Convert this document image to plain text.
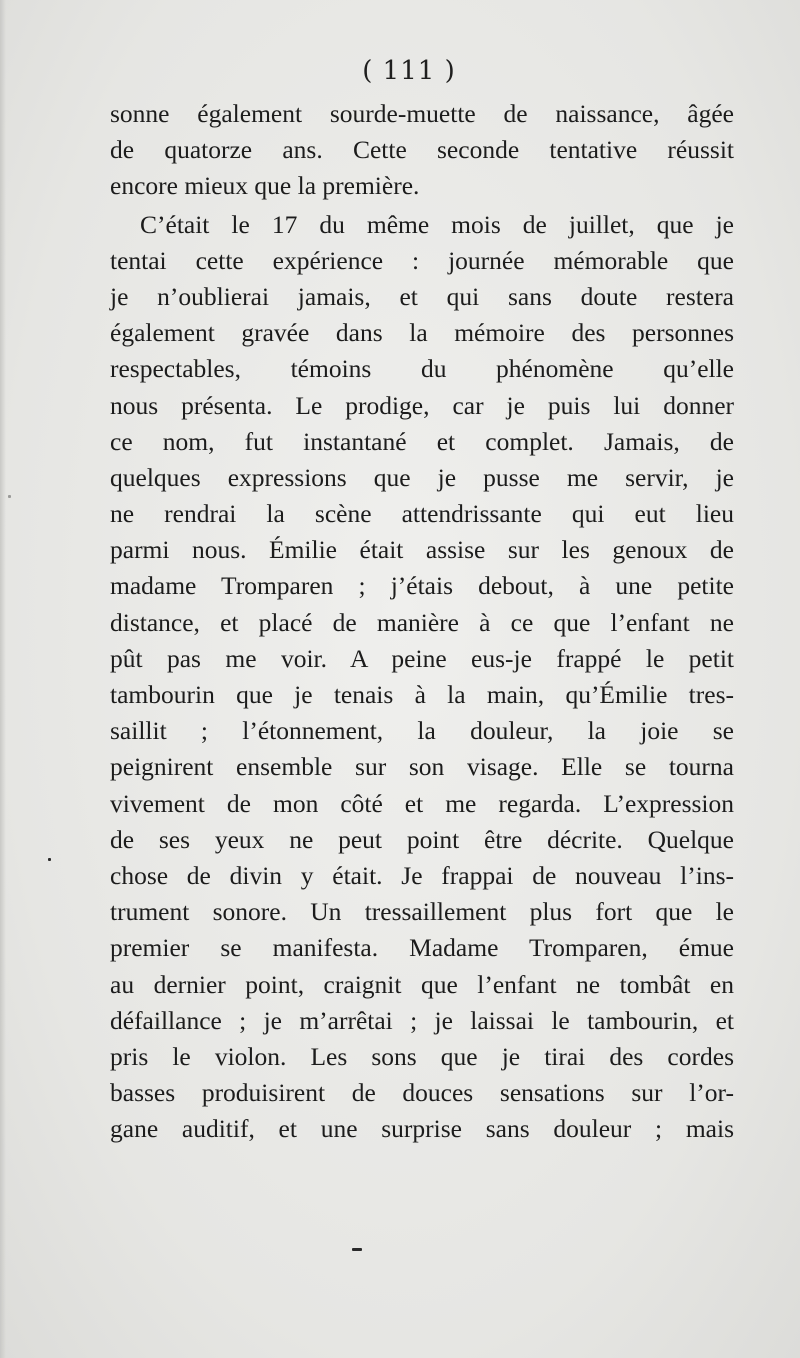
( 111 )
sonne également sourde-muette de naissance, âgée
de quatorze ans. Cette seconde tentative réussit
encore mieux que la première.
C’était le 17 du même mois de juillet, que je
tentai cette expérience : journée mémorable que
je n’oublierai jamais, et qui sans doute restera
également gravée dans la mémoire des personnes
respectables, témoins du phénomène qu’elle
nous présenta. Le prodige, car je puis lui donner
ce nom, fut instantané et complet. Jamais, de
quelques expressions que je pusse me servir, je
ne rendrai la scène attendrissante qui eut lieu
parmi nous. Émilie était assise sur les genoux de
madame Tromparen ; j’étais debout, à une petite
distance, et placé de manière à ce que l’enfant ne
pût pas me voir. A peine eus-je frappé le petit
tambourin que je tenais à la main, qu’Émilie tres-
saillit ; l’étonnement, la douleur, la joie se
peignirent ensemble sur son visage. Elle se tourna
vivement de mon côté et me regarda. L’expression
de ses yeux ne peut point être décrite. Quelque
chose de divin y était. Je frappai de nouveau l’ins-
trument sonore. Un tressaillement plus fort que le
premier se manifesta. Madame Tromparen, émue
au dernier point, craignit que l’enfant ne tombât en
défaillance ; je m’arrêtai ; je laissai le tambourin, et
pris le violon. Les sons que je tirai des cordes
basses produisirent de douces sensations sur l’or-
gane auditif, et une surprise sans douleur ; mais
